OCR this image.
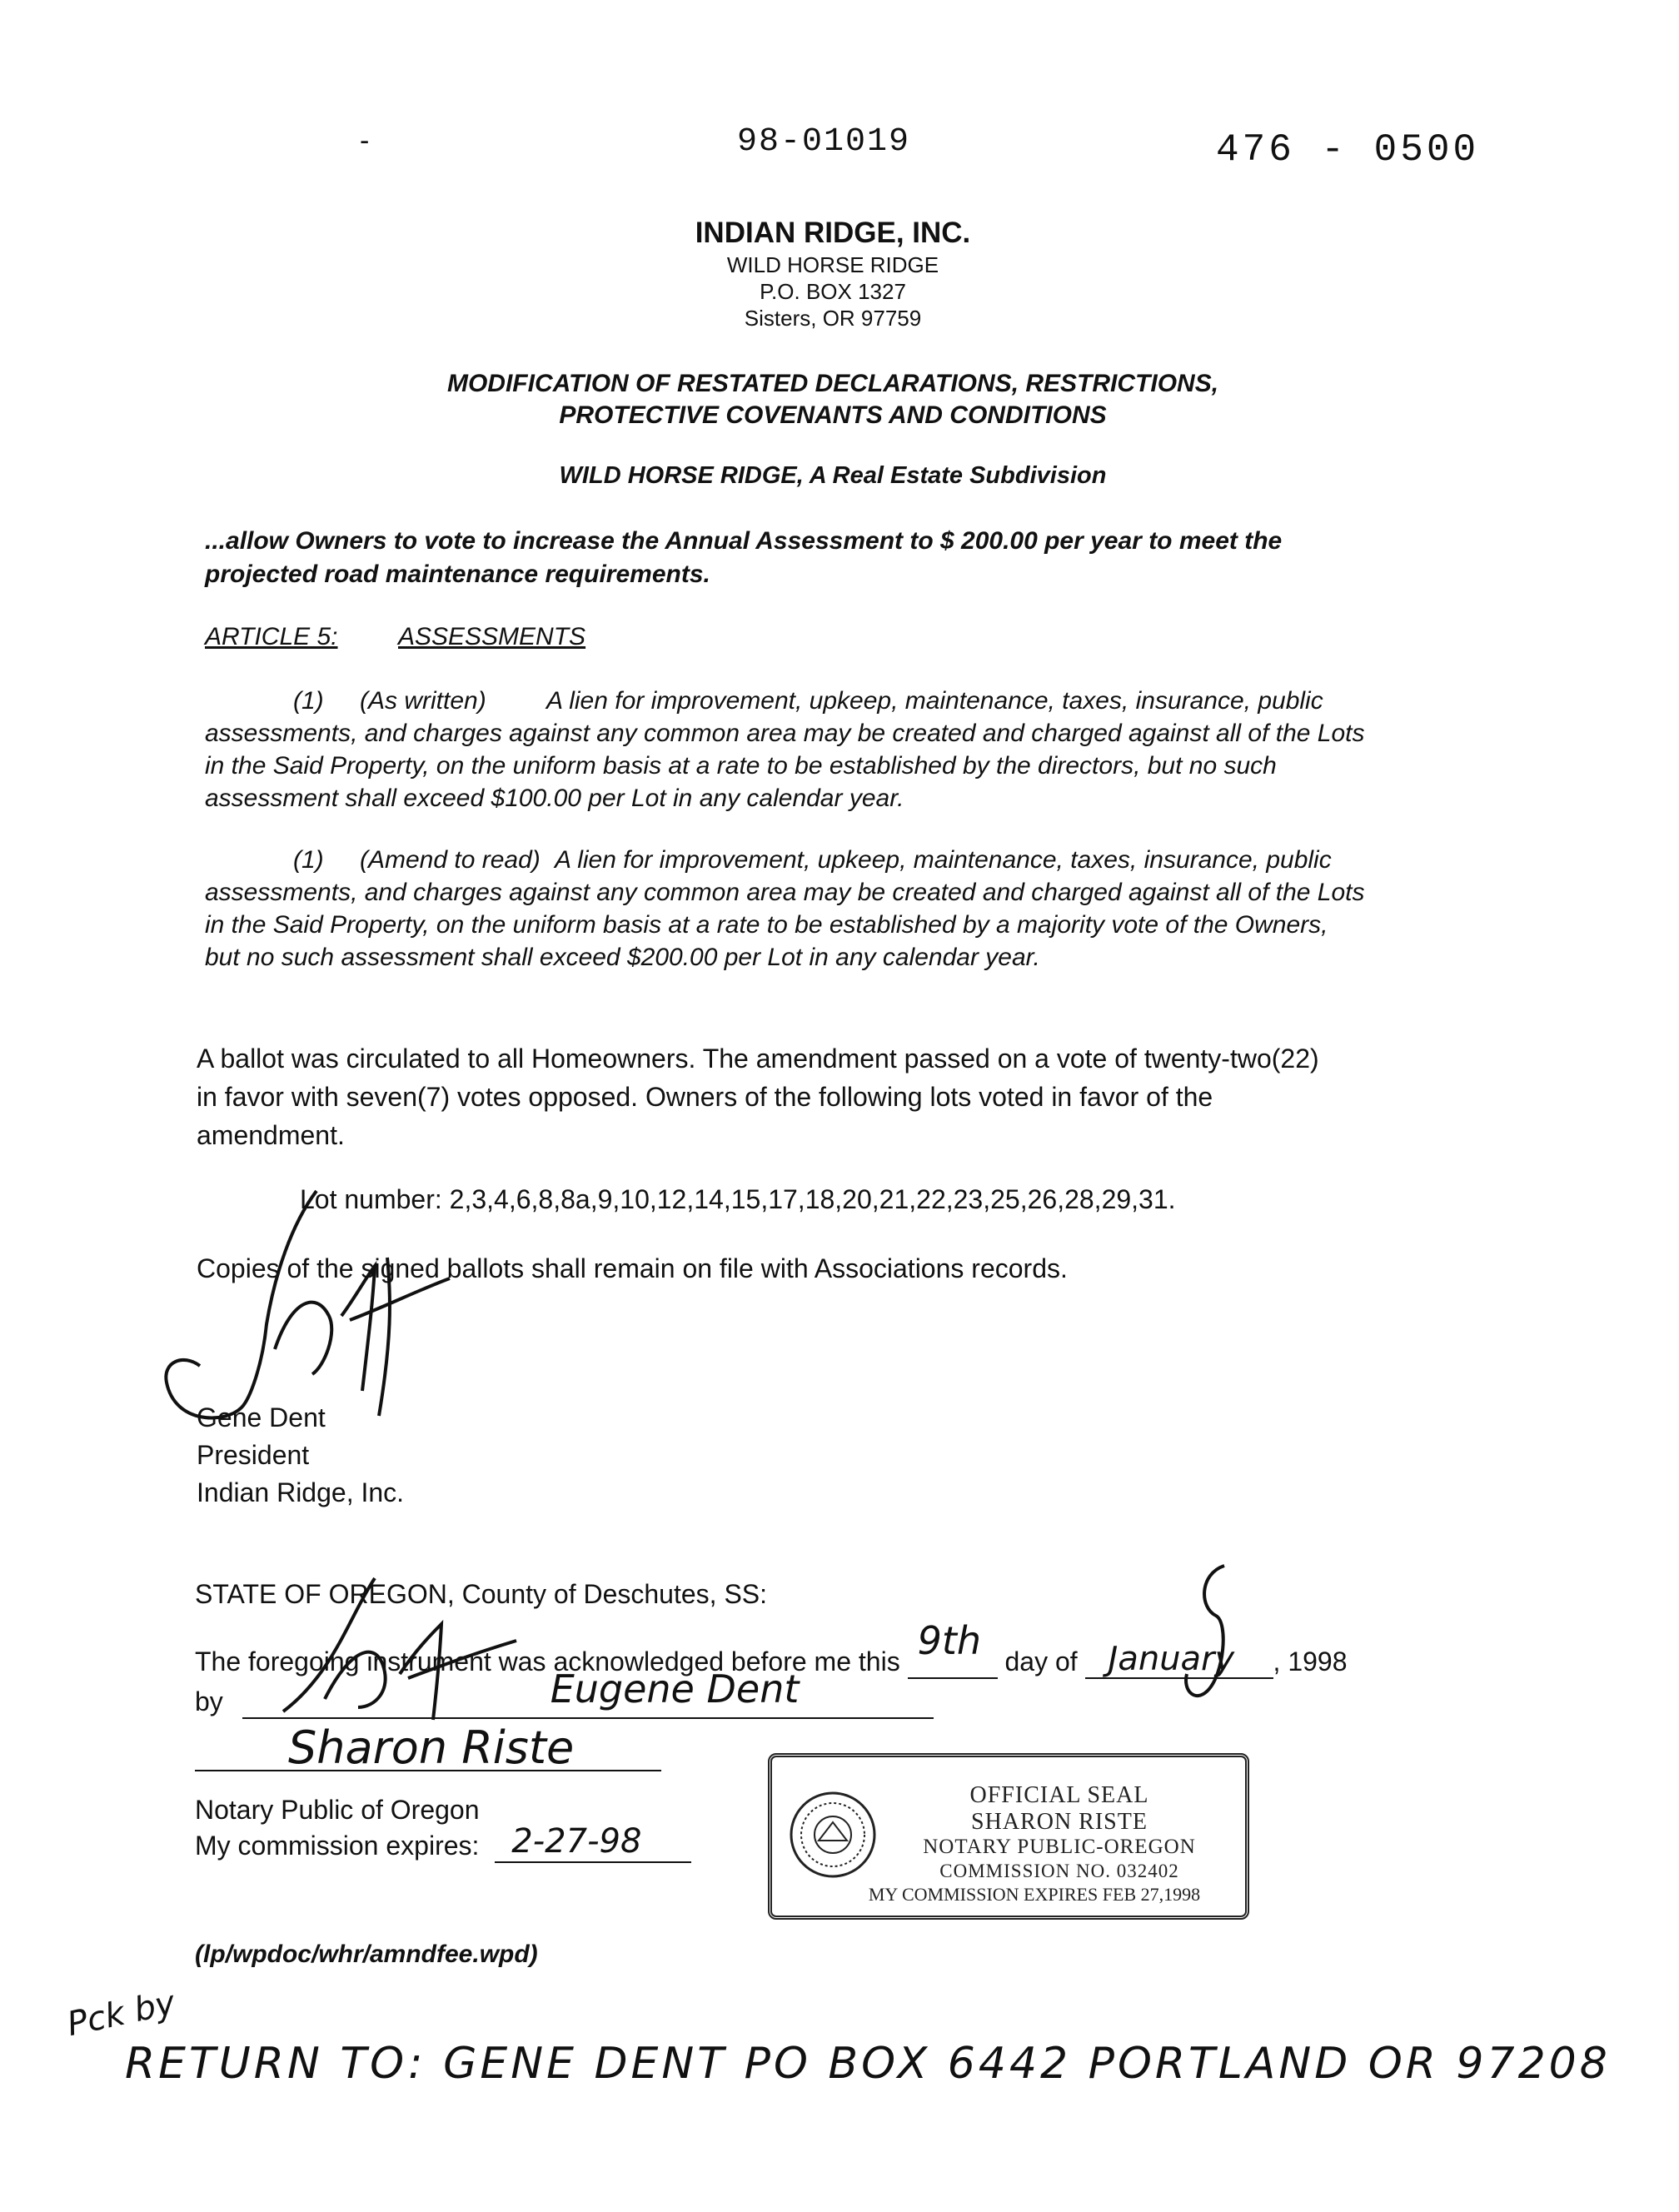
-	98-01019	476 - 0500
INDIAN RIDGE, INC.
WILD HORSE RIDGE
P.O. BOX 1327
Sisters, OR 97759
MODIFICATION OF RESTATED DECLARATIONS, RESTRICTIONS,
PROTECTIVE COVENANTS AND CONDITIONS
WILD HORSE RIDGE, A Real Estate Subdivision
...allow Owners to vote to increase the Annual Assessment to $ 200.00 per year to meet the
projected road maintenance requirements.
ARTICLE 5: ASSESSMENTS
(1) (As written) A lien for improvement, upkeep, maintenance, taxes, insurance, public
assessments, and charges against any common area may be created and charged against all of the Lots
in the Said Property, on the uniform basis at a rate to be established by the directors, but no such
assessment shall exceed $100.00 per Lot in any calendar year.
(1) (Amend to read) A lien for improvement, upkeep, maintenance, taxes, insurance, public
assessments, and charges against any common area may be created and charged against all of the Lots
in the Said Property, on the uniform basis at a rate to be established by a majority vote of the Owners,
but no such assessment shall exceed $200.00 per Lot in any calendar year.
A ballot was circulated to all Homeowners. The amendment passed on a vote of twenty-two(22)
in favor with seven(7) votes opposed. Owners of the following lots voted in favor of the
amendment.
Lot number: 2,3,4,6,8,8a,9,10,12,14,15,17,18,20,21,22,23,25,26,28,29,31.
Copies of the signed ballots shall remain on file with Associations records.
Gene Dent
President
Indian Ridge, Inc.
STATE OF OREGON, County of Deschutes, SS:
The foregoing instrument was acknowledged before me this 9th day of January , 1998
by	Eugene Dent

Sharon Riste
Notary Public of Oregon
My commission expires: 2-27-98

OFFICIAL SEAL
SHARON RISTE
NOTARY PUBLIC-OREGON
COMMISSION NO. 032402
MY COMMISSION EXPIRES FEB 27,1998
(lp/wpdoc/whr/amndfee.wpd)
Pck by
RETURN TO: GENE DENT PO BOX 6442 PORTLAND OR 97208
